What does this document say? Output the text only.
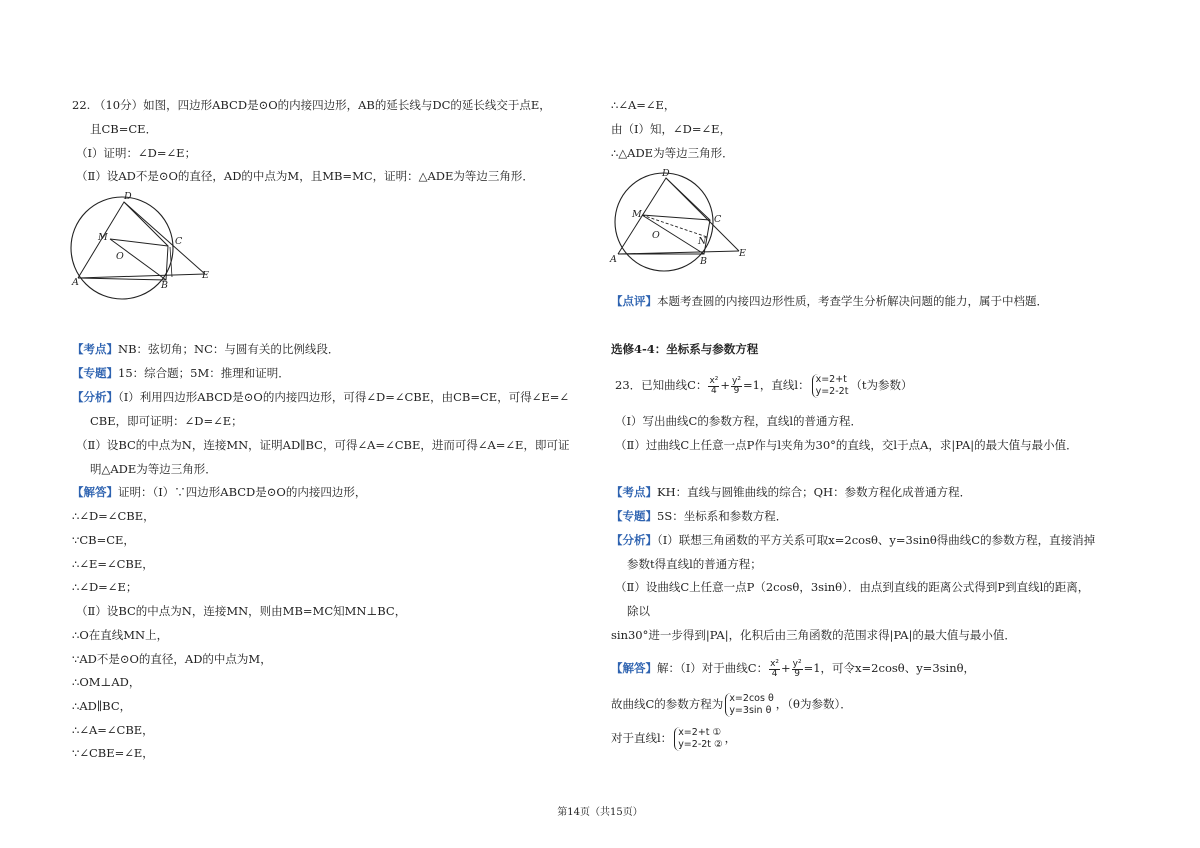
22. （10分）如图，四边形ABCD是⊙O的内接四边形，AB的延长线与DC的延长线交于点E，
且CB=CE．
（Ⅰ）证明：∠D=∠E；
（Ⅱ）设AD不是⊙O的直径，AD的中点为M，且MB=MC，证明：△ADE为等边三角形．
D
M	C
O
E
A	B
【考点】NB：弦切角；NC：与圆有关的比例线段．
【专题】15：综合题；5M：推理和证明．
【分析】（Ⅰ）利用四边形ABCD是⊙O的内接四边形，可得∠D=∠CBE，由CB=CE，可得∠E=∠
CBE，即可证明：∠D=∠E；
（Ⅱ）设BC的中点为N，连接MN，证明AD∥BC，可得∠A=∠CBE，进而可得∠A=∠E，即可证
明△ADE为等边三角形．
【解答】证明：（Ⅰ）∵四边形ABCD是⊙O的内接四边形，
∴∠D=∠CBE，
∵CB=CE，
∴∠E=∠CBE，
∴∠D=∠E；
（Ⅱ）设BC的中点为N，连接MN，则由MB=MC知MN⊥BC，
∴O在直线MN上，
∵AD不是⊙O的直径，AD的中点为M，
∴OM⊥AD，
∴AD∥BC，
∴∠A=∠CBE，
∵∠CBE=∠E，
∴∠A=∠E，
由（Ⅰ）知，∠D=∠E，
∴△ADE为等边三角形．
D
M	C
O
N
E
A	B
【点评】本题考查圆的内接四边形性质，考查学生分析解决问题的能力，属于中档题．
选修4-4：坐标系与参数方程
23．已知曲线C： $\frac{\text{x²}}{4} + \frac{\text{y²}}{9} =1$，直线l： x=2+t
y=2-2t （t为参数）
（Ⅰ）写出曲线C的参数方程，直线l的普通方程．
（Ⅱ）过曲线C上任意一点P作与l夹角为30°的直线，交l于点A，求|PA|的最大值与最小值．
【考点】KH：直线与圆锥曲线的综合；QH：参数方程化成普通方程．
【专题】5S：坐标系和参数方程．
【分析】（Ⅰ）联想三角函数的平方关系可取x=2cosθ、y=3sinθ得曲线C的参数方程，直接消掉
参数t得直线l的普通方程；
（Ⅱ）设曲线C上任意一点P（2cosθ，3sinθ）．由点到直线的距离公式得到P到直线l的距离，
除以
sin30°进一步得到|PA|，化积后由三角函数的范围求得|PA|的最大值与最小值．
【解答】解：（Ⅰ）对于曲线C： $\frac{\text{x²}}{4} + \frac{\text{y²}}{9} =1$，可令x=2cosθ、y=3sinθ，
故曲线C的参数方程为 x=2cos θ
y=3sin θ ，（θ为参数）．
对于直线l： x=2+t ①
y=2-2t ② ，
第14页（共15页）
